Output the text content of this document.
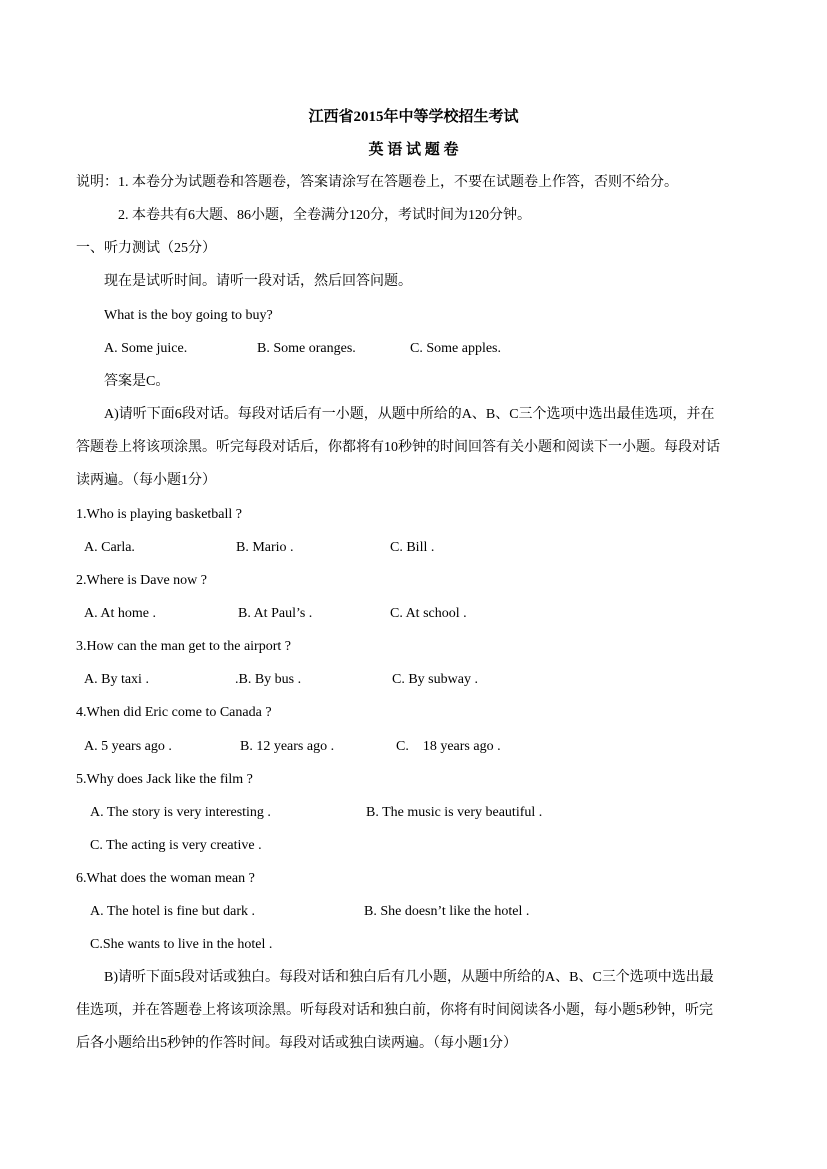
江西省2015年中等学校招生考试
英 语 试 题 卷
说明：1. 本卷分为试题卷和答题卷，答案请涂写在答题卷上，不要在试题卷上作答，否则不给分。
2. 本卷共有6大题、86小题，全卷满分120分，考试时间为120分钟。
一、听力测试（25分）
现在是试听时间。请听一段对话，然后回答问题。
What is the boy going to buy?
A. Some juice.	B. Some oranges.	C. Some apples.
答案是C。
A)请听下面6段对话。每段对话后有一小题，从题中所给的A、B、C三个选项中选出最佳选项，并在
答题卷上将该项涂黑。听完每段对话后，你都将有10秒钟的时间回答有关小题和阅读下一小题。每段对话
读两遍。（每小题1分）
1.Who is playing basketball ?
A. Carla.	B. Mario .	C. Bill .
2.Where is Dave now ?
A. At home .	B. At Paul’s .	C. At school .
3.How can the man get to the airport ?
A. By taxi .	.B. By bus .	C. By subway .
4.When did Eric come to Canada ?
A. 5 years ago .	B. 12 years ago .	C.    18 years ago .
5.Why does Jack like the film ?
A. The story is very interesting .	B. The music is very beautiful .
C. The acting is very creative .
6.What does the woman mean ?
A. The hotel is fine but dark .	B. She doesn’t like the hotel .
C.She wants to live in the hotel .
B)请听下面5段对话或独白。每段对话和独白后有几小题，从题中所给的A、B、C三个选项中选出最
佳选项，并在答题卷上将该项涂黑。听每段对话和独白前，你将有时间阅读各小题，每小题5秒钟，听完
后各小题给出5秒钟的作答时间。每段对话或独白读两遍。（每小题1分）
